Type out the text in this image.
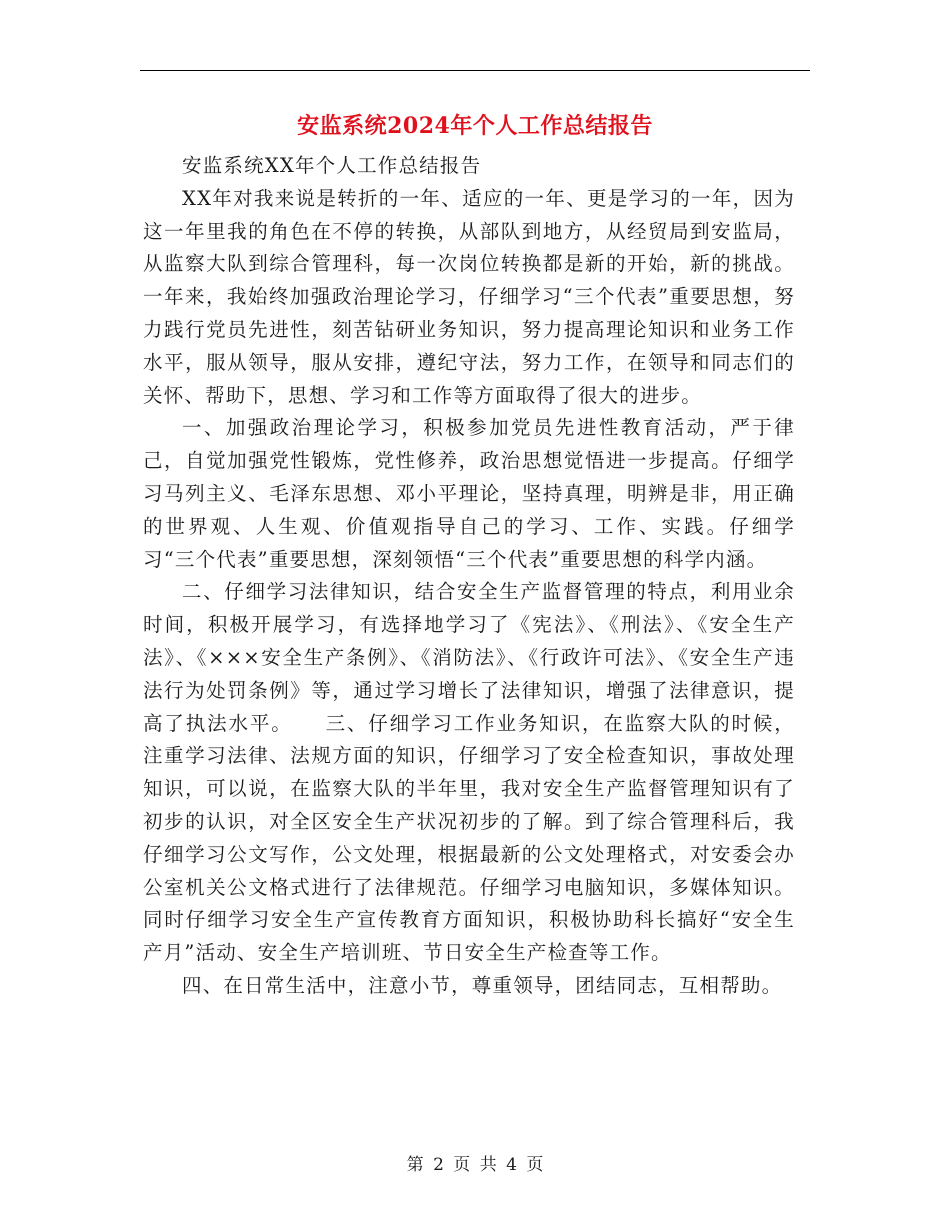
安监系统2024年个人工作总结报告

安监系统XX年个人工作总结报告

XX年对我来说是转折的一年、适应的一年、更是学习的一年，因为这一年里我的角色在不停的转换，从部队到地方，从经贸局到安监局，从监察大队到综合管理科，每一次岗位转换都是新的开始，新的挑战。一年来，我始终加强政治理论学习，仔细学习“三个代表”重要思想，努力践行党员先进性，刻苦钻研业务知识，努力提高理论知识和业务工作水平，服从领导，服从安排，遵纪守法，努力工作，在领导和同志们的关怀、帮助下，思想、学习和工作等方面取得了很大的进步。

一、加强政治理论学习，积极参加党员先进性教育活动，严于律己，自觉加强党性锻炼，党性修养，政治思想觉悟进一步提高。仔细学习马列主义、毛泽东思想、邓小平理论，坚持真理，明辨是非，用正确的世界观、人生观、价值观指导自己的学习、工作、实践。仔细学习“三个代表”重要思想，深刻领悟“三个代表”重要思想的科学内涵。

二、仔细学习法律知识，结合安全生产监督管理的特点，利用业余时间，积极开展学习，有选择地学习了《宪法》、《刑法》、《安全生产法》、《×××安全生产条例》、《消防法》、《行政许可法》、《安全生产违法行为处罚条例》等，通过学习增长了法律知识，增强了法律意识，提高了执法水平。　　三、仔细学习工作业务知识，在监察大队的时候，注重学习法律、法规方面的知识，仔细学习了安全检查知识，事故处理知识，可以说，在监察大队的半年里，我对安全生产监督管理知识有了初步的认识，对全区安全生产状况初步的了解。到了综合管理科后，我仔细学习公文写作，公文处理，根据最新的公文处理格式，对安委会办公室机关公文格式进行了法律规范。仔细学习电脑知识，多媒体知识。同时仔细学习安全生产宣传教育方面知识，积极协助科长搞好“安全生产月”活动、安全生产培训班、节日安全生产检查等工作。

四、在日常生活中，注意小节，尊重领导，团结同志，互相帮助。

第 2 页 共 4 页
